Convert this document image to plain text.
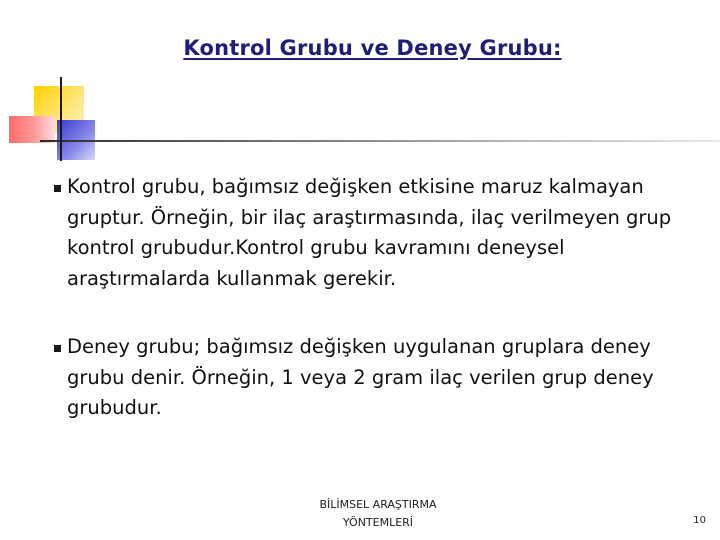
Kontrol Grubu ve Deney Grubu:
Kontrol grubu, bağımsız değişken etkisine maruz kalmayan gruptur. Örneğin, bir ilaç araştırmasında, ilaç verilmeyen grup kontrol grubudur.Kontrol grubu kavramını deneysel araştırmalarda kullanmak gerekir.
Deney grubu; bağımsız değişken uygulanan gruplara deney grubu denir. Örneğin, 1 veya 2 gram ilaç verilen grup deney grubudur.
BİLİMSEL ARAŞTIRMA
YÖNTEMLERİ	10
